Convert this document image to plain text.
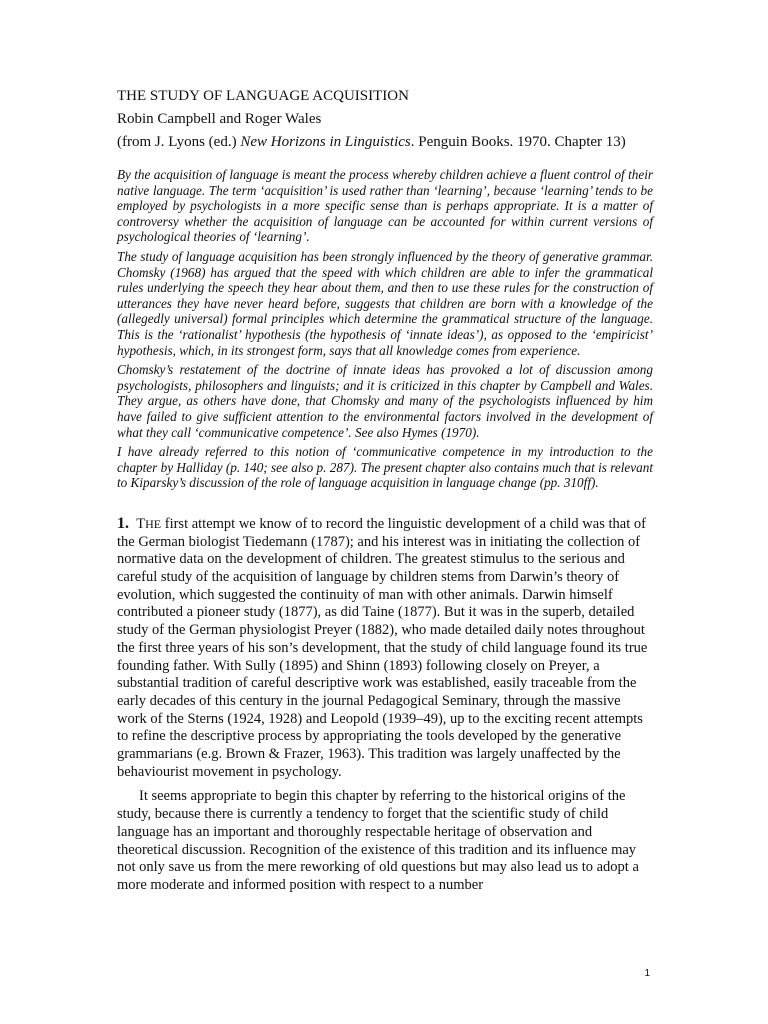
THE STUDY OF LANGUAGE ACQUISITION
Robin Campbell and Roger Wales
(from J. Lyons (ed.) New Horizons in Linguistics. Penguin Books. 1970. Chapter 13)

By the acquisition of language is meant the process whereby children achieve a fluent control of their native language. The term ‘acquisition’ is used rather than ‘learning’, because ‘learning’ tends to be employed by psychologists in a more specific sense than is perhaps appropriate. It is a matter of controversy whether the acquisition of language can be accounted for within current versions of psychological theories of ‘learning’.

The study of language acquisition has been strongly influenced by the theory of generative grammar. Chomsky (1968) has argued that the speed with which children are able to infer the grammatical rules underlying the speech they hear about them, and then to use these rules for the construction of utterances they have never heard before, suggests that children are born with a knowledge of the (allegedly universal) formal principles which determine the grammatical structure of the language. This is the ‘rationalist’ hypothesis (the hypothesis of ‘innate ideas’), as opposed to the ‘empiricist’ hypothesis, which, in its strongest form, says that all knowledge comes from experience.

Chomsky’s restatement of the doctrine of innate ideas has provoked a lot of discussion among psychologists, philosophers and linguists; and it is criticized in this chapter by Campbell and Wales. They argue, as others have done, that Chomsky and many of the psychologists influenced by him have failed to give sufficient attention to the environmental factors involved in the development of what they call ‘communicative competence’. See also Hymes (1970).

I have already referred to this notion of ‘communicative competence in my introduction to the chapter by Halliday (p. 140; see also p. 287). The present chapter also contains much that is relevant to Kiparsky’s discussion of the role of language acquisition in language change (pp. 310ff).

1. THE first attempt we know of to record the linguistic development of a child was that of the German biologist Tiedemann (1787); and his interest was in initiating the collection of normative data on the development of children. The greatest stimulus to the serious and careful study of the acquisition of language by children stems from Darwin’s theory of evolution, which suggested the continuity of man with other animals. Darwin himself contributed a pioneer study (1877), as did Taine (1877). But it was in the superb, detailed study of the German physiologist Preyer (1882), who made detailed daily notes throughout the first three years of his son’s development, that the study of child language found its true founding father. With Sully (1895) and Shinn (1893) following closely on Preyer, a substantial tradition of careful descriptive work was established, easily traceable from the early decades of this century in the journal Pedagogical Seminary, through the massive work of the Sterns (1924, 1928) and Leopold (1939–49), up to the exciting recent attempts to refine the descriptive process by appropriating the tools developed by the generative grammarians (e.g. Brown & Frazer, 1963). This tradition was largely unaffected by the behaviourist movement in psychology.

It seems appropriate to begin this chapter by referring to the historical origins of the study, because there is currently a tendency to forget that the scientific study of child language has an important and thoroughly respectable heritage of observation and theoretical discussion. Recognition of the existence of this tradition and its influence may not only save us from the mere reworking of old questions but may also lead us to adopt a more moderate and informed position with respect to a number

1
